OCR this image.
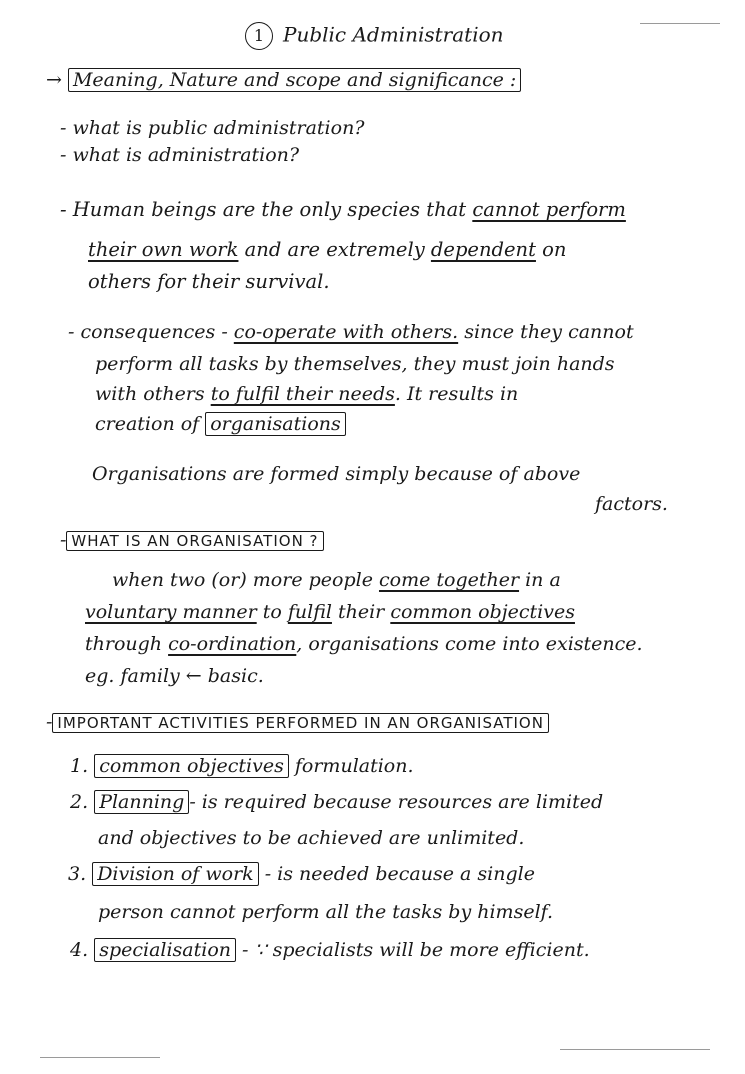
1 Public Administration
→ Meaning, Nature and scope and significance :
- what is public administration?
- what is administration?
- Human beings are the only species that cannot perform
their own work and are extremely dependent on
others for their survival.
- consequences - co-operate with others. since they cannot
perform all tasks by themselves, they must join hands
with others to fulfil their needs. It results in
creation of organisations
Organisations are formed simply because of above
factors.
- WHAT IS AN ORGANISATION ?
when two (or) more people come together in a
voluntary manner to fulfil their common objectives
through co-ordination, organisations come into existence.
eg. family ← basic.
- IMPORTANT ACTIVITIES PERFORMED IN AN ORGANISATION
1. common objectives formulation.
2. Planning - is required because resources are limited
and objectives to be achieved are unlimited.
3. Division of work - is needed because a single
person cannot perform all the tasks by himself.
4. specialisation - ∵ specialists will be more efficient.
